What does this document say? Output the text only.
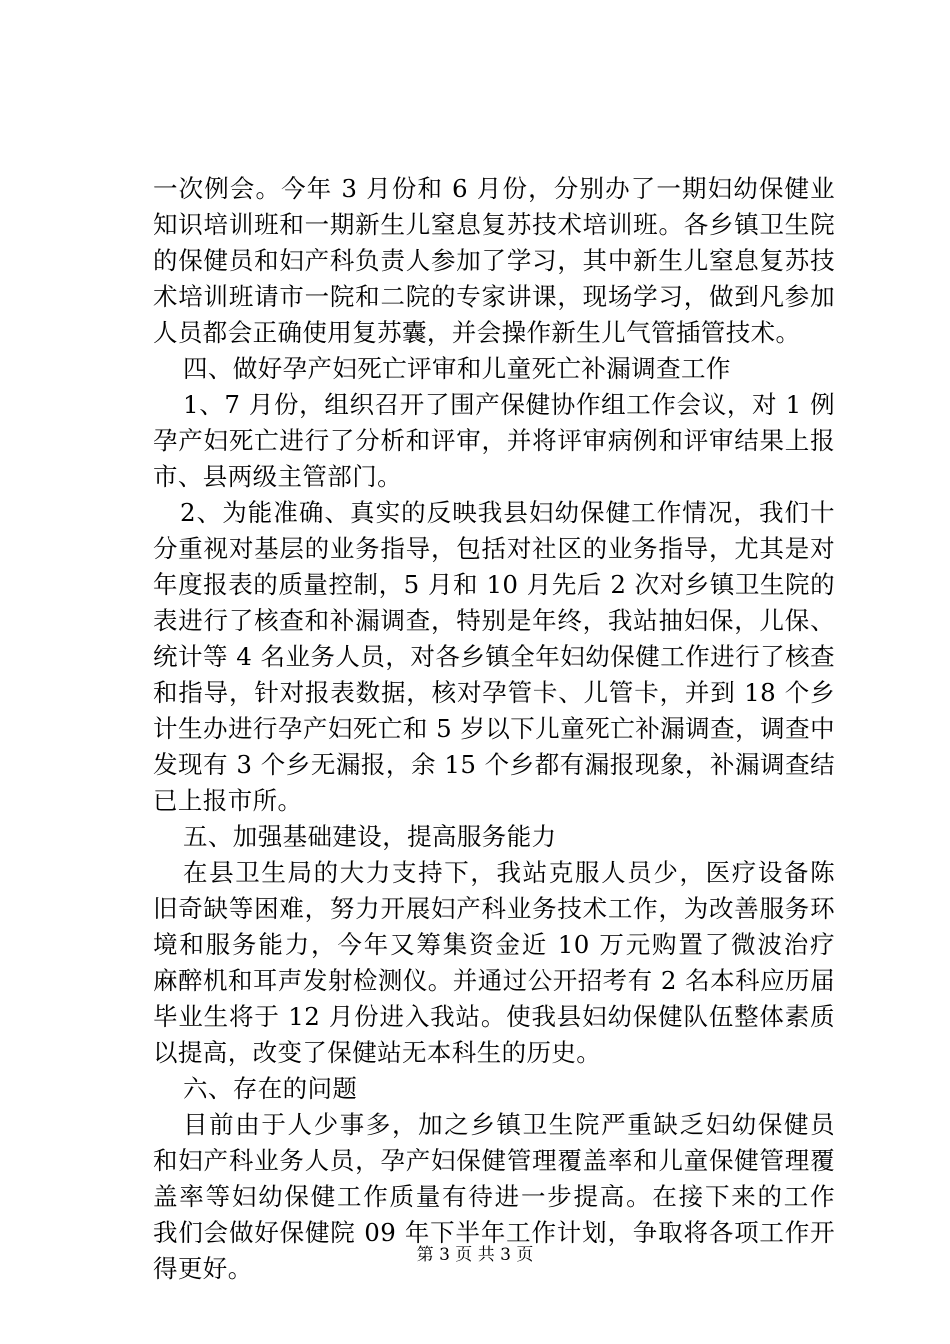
一次例会。今年 3 月份和 6 月份，分别办了一期妇幼保健业
知识培训班和一期新生儿窒息复苏技术培训班。各乡镇卫生院
的保健员和妇产科负责人参加了学习，其中新生儿窒息复苏技
术培训班请市一院和二院的专家讲课，现场学习，做到凡参加
人员都会正确使用复苏囊，并会操作新生儿气管插管技术。
四、做好孕产妇死亡评审和儿童死亡补漏调查工作
1、7 月份，组织召开了围产保健协作组工作会议，对 1 例
孕产妇死亡进行了分析和评审，并将评审病例和评审结果上报
市、县两级主管部门。
2、为能准确、真实的反映我县妇幼保健工作情况，我们十
分重视对基层的业务指导，包括对社区的业务指导，尤其是对
年度报表的质量控制，5 月和 10 月先后 2 次对乡镇卫生院的
表进行了核查和补漏调查，特别是年终，我站抽妇保，儿保、
统计等 4 名业务人员，对各乡镇全年妇幼保健工作进行了核查
和指导，针对报表数据，核对孕管卡、儿管卡，并到 18 个乡
计生办进行孕产妇死亡和 5 岁以下儿童死亡补漏调查，调查中
发现有 3 个乡无漏报，余 15 个乡都有漏报现象，补漏调查结
已上报市所。
五、加强基础建设，提高服务能力
在县卫生局的大力支持下，我站克服人员少，医疗设备陈
旧奇缺等困难，努力开展妇产科业务技术工作，为改善服务环
境和服务能力，今年又筹集资金近 10 万元购置了微波治疗
麻醉机和耳声发射检测仪。并通过公开招考有 2 名本科应历届
毕业生将于 12 月份进入我站。使我县妇幼保健队伍整体素质
以提高，改变了保健站无本科生的历史。
六、存在的问题
目前由于人少事多，加之乡镇卫生院严重缺乏妇幼保健员
和妇产科业务人员，孕产妇保健管理覆盖率和儿童保健管理覆
盖率等妇幼保健工作质量有待进一步提高。在接下来的工作
我们会做好保健院 09 年下半年工作计划，争取将各项工作开
得更好。	第 3 页 共 3 页
